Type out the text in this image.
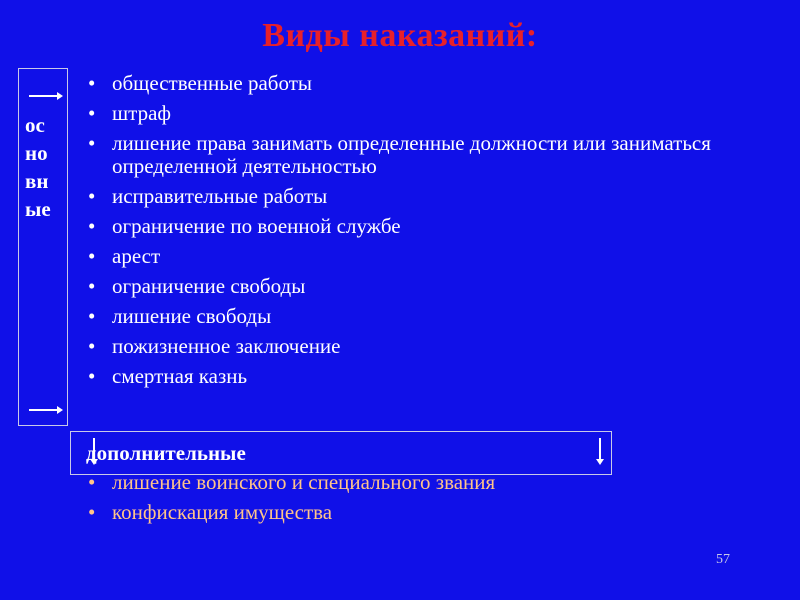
Виды наказаний:
ос
но
вн
ые
• общественные работы
• штраф
• лишение права занимать определенные должности или заниматься определенной деятельностью
• исправительные работы
• ограничение по военной службе
• арест
• ограничение свободы
• лишение свободы
• пожизненное заключение
• смертная казнь
дополнительные
• лишение воинского и специального звания
• конфискация имущества
57
